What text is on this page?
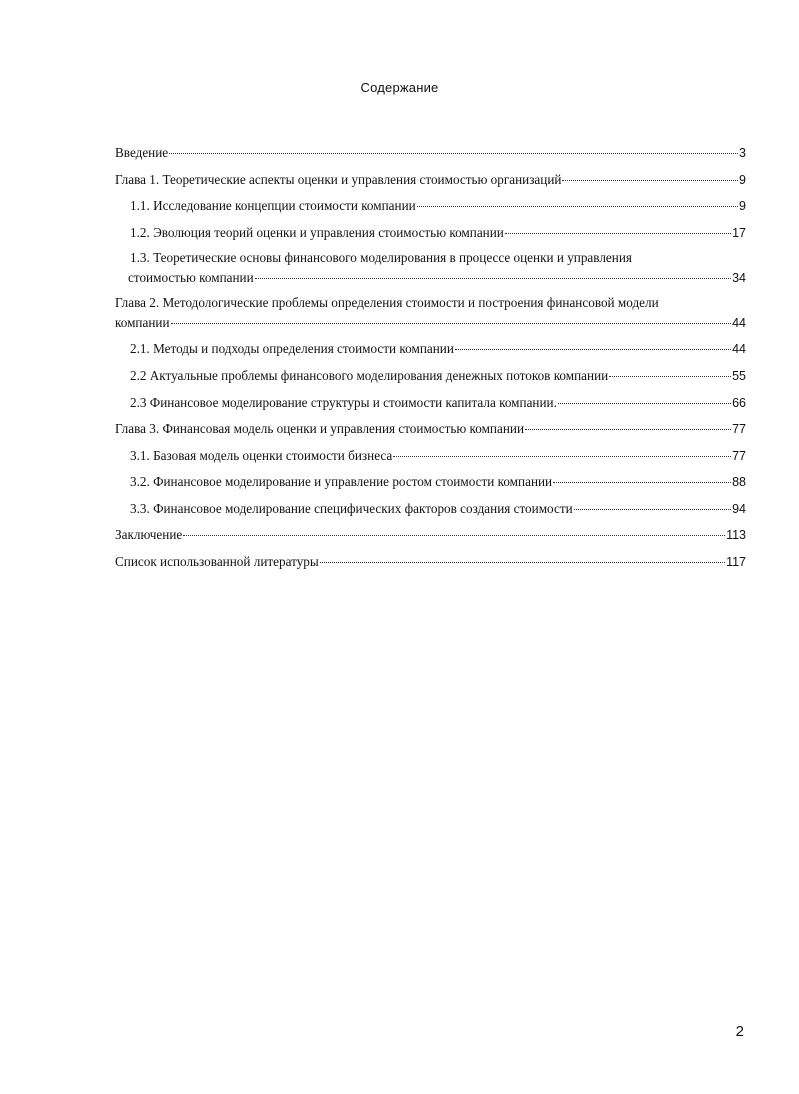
Содержание
Введение	3
Глава 1. Теоретические аспекты оценки и управления стоимостью организаций	9
1.1. Исследование концепции стоимости компании	9
1.2. Эволюция теорий оценки и управления стоимостью компании	17
1.3. Теоретические основы финансового моделирования в процессе оценки и управления
стоимостью компании	34
Глава 2. Методологические проблемы определения стоимости и построения финансовой модели
компании	44
2.1. Методы и подходы определения стоимости компании	44
2.2 Актуальные проблемы финансового моделирования денежных потоков компании	55
2.3 Финансовое моделирование структуры и стоимости капитала компании.	66
Глава 3. Финансовая модель оценки и управления стоимостью компании	77
3.1. Базовая модель оценки стоимости бизнеса	77
3.2. Финансовое моделирование и управление ростом стоимости компании	88
3.3. Финансовое моделирование специфических факторов создания стоимости	94
Заключение	113
Список использованной литературы	117
2
